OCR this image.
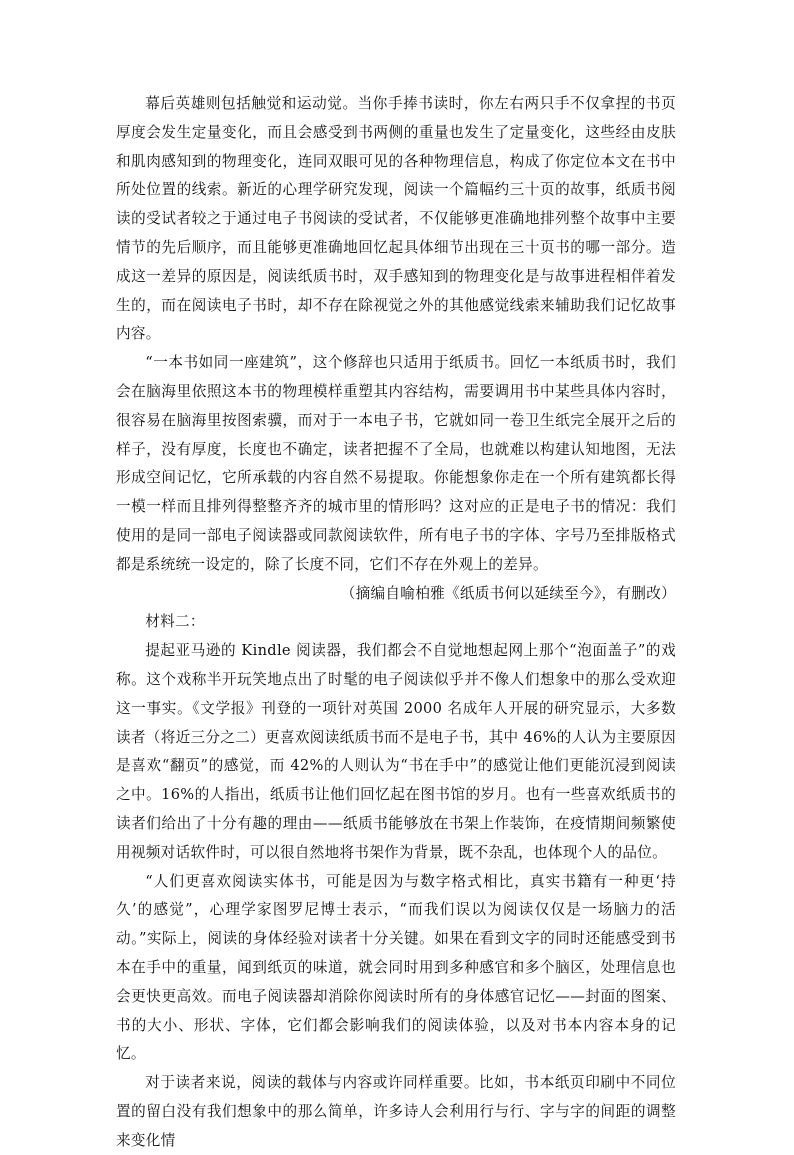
幕后英雄则包括触觉和运动觉。当你手捧书读时，你左右两只手不仅拿捏的书页厚度会发生定量变化，而且会感受到书两侧的重量也发生了定量变化，这些经由皮肤和肌肉感知到的物理变化，连同双眼可见的各种物理信息，构成了你定位本文在书中所处位置的线索。新近的心理学研究发现，阅读一个篇幅约三十页的故事，纸质书阅读的受试者较之于通过电子书阅读的受试者，不仅能够更准确地排列整个故事中主要情节的先后顺序，而且能够更准确地回忆起具体细节出现在三十页书的哪一部分。造成这一差异的原因是，阅读纸质书时，双手感知到的物理变化是与故事进程相伴着发生的，而在阅读电子书时，却不存在除视觉之外的其他感觉线索来辅助我们记忆故事内容。

“一本书如同一座建筑”，这个修辞也只适用于纸质书。回忆一本纸质书时，我们会在脑海里依照这本书的物理模样重塑其内容结构，需要调用书中某些具体内容时，很容易在脑海里按图索骥，而对于一本电子书，它就如同一卷卫生纸完全展开之后的样子，没有厚度，长度也不确定，读者把握不了全局，也就难以构建认知地图，无法形成空间记忆，它所承载的内容自然不易提取。你能想象你走在一个所有建筑都长得一模一样而且排列得整整齐齐的城市里的情形吗？这对应的正是电子书的情况：我们使用的是同一部电子阅读器或同款阅读软件，所有电子书的字体、字号乃至排版格式都是系统统一设定的，除了长度不同，它们不存在外观上的差异。

（摘编自喻柏雅《纸质书何以延续至今》，有删改）

材料二：

提起亚马逊的 Kindle 阅读器，我们都会不自觉地想起网上那个“泡面盖子”的戏称。这个戏称半开玩笑地点出了时髦的电子阅读似乎并不像人们想象中的那么受欢迎这一事实。《文学报》刊登的一项针对英国 2000 名成年人开展的研究显示，大多数读者（将近三分之二）更喜欢阅读纸质书而不是电子书，其中 46%的人认为主要原因是喜欢“翻页”的感觉，而 42%的人则认为“书在手中”的感觉让他们更能沉浸到阅读之中。16%的人指出，纸质书让他们回忆起在图书馆的岁月。也有一些喜欢纸质书的读者们给出了十分有趣的理由——纸质书能够放在书架上作装饰，在疫情期间频繁使用视频对话软件时，可以很自然地将书架作为背景，既不杂乱，也体现个人的品位。

“人们更喜欢阅读实体书，可能是因为与数字格式相比，真实书籍有一种更‘持久’的感觉”，心理学家图罗尼博士表示，“而我们误以为阅读仅仅是一场脑力的活动。”实际上，阅读的身体经验对读者十分关键。如果在看到文字的同时还能感受到书本在手中的重量，闻到纸页的味道，就会同时用到多种感官和多个脑区，处理信息也会更快更高效。而电子阅读器却消除你阅读时所有的身体感官记忆——封面的图案、书的大小、形状、字体，它们都会影响我们的阅读体验，以及对书本内容本身的记忆。

对于读者来说，阅读的载体与内容或许同样重要。比如，书本纸页印刷中不同位置的留白没有我们想象中的那么简单，许多诗人会利用行与行、字与字的间距的调整来变化情
